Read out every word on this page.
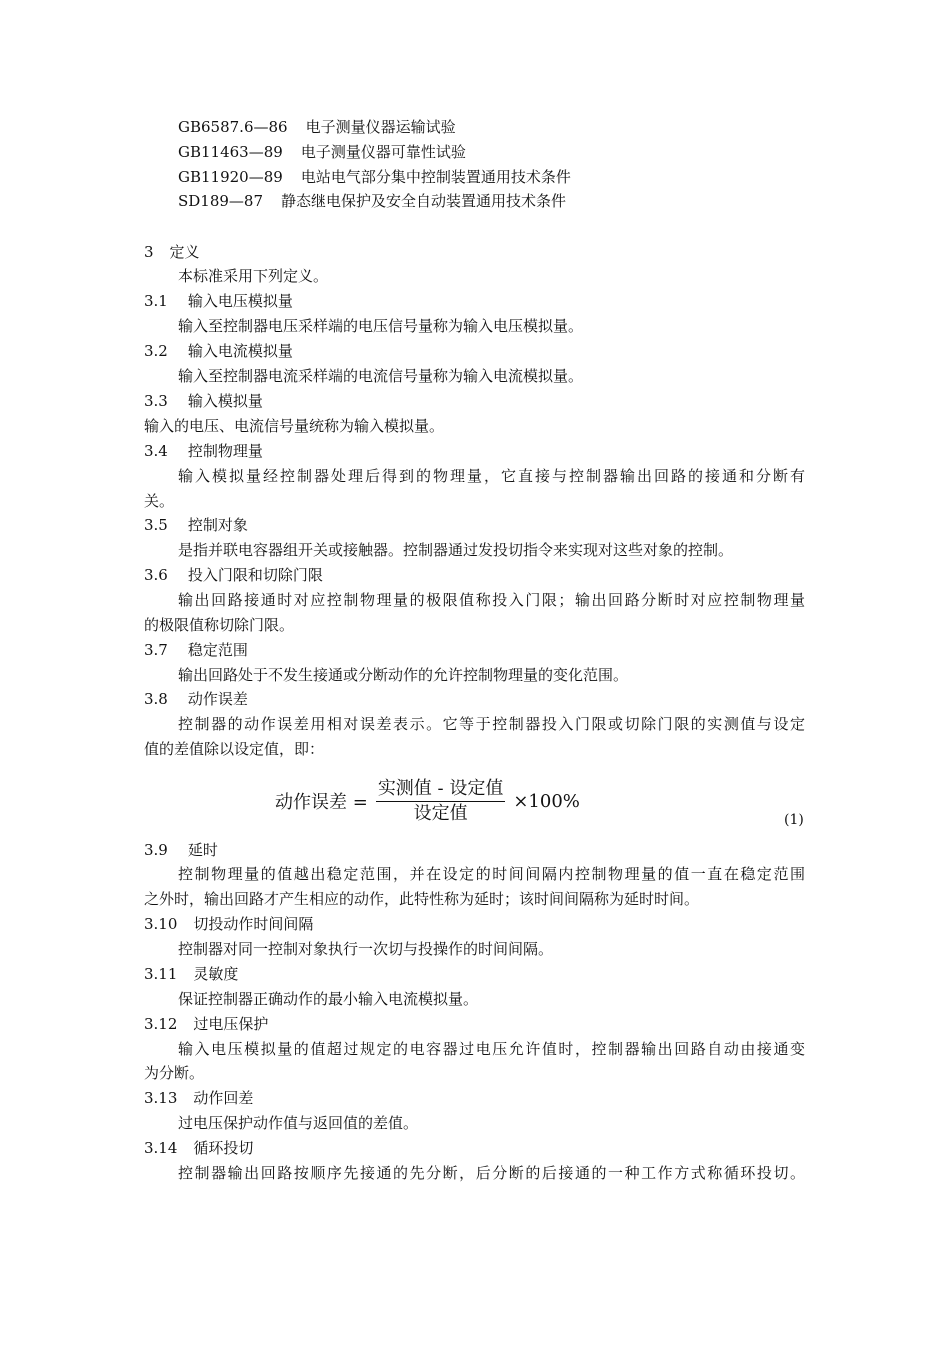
GB6587.6—86 电子测量仪器运输试验
GB11463—89 电子测量仪器可靠性试验
GB11920—89 电站电气部分集中控制装置通用技术条件
SD189—87 静态继电保护及安全自动装置通用技术条件
3 定义
本标准采用下列定义。
3.1 输入电压模拟量
输入至控制器电压采样端的电压信号量称为输入电压模拟量。
3.2 输入电流模拟量
输入至控制器电流采样端的电流信号量称为输入电流模拟量。
3.3 输入模拟量
输入的电压、电流信号量统称为输入模拟量。
3.4 控制物理量
输入模拟量经控制器处理后得到的物理量，它直接与控制器输出回路的接通和分断有
关。
3.5 控制对象
是指并联电容器组开关或接触器。控制器通过发投切指令来实现对这些对象的控制。
3.6 投入门限和切除门限
输出回路接通时对应控制物理量的极限值称投入门限；输出回路分断时对应控制物理量
的极限值称切除门限。
3.7 稳定范围
输出回路处于不发生接通或分断动作的允许控制物理量的变化范围。
3.8 动作误差
控制器的动作误差用相对误差表示。它等于控制器投入门限或切除门限的实测值与设定
值的差值除以设定值，即：
动作误差 = $\frac{\text{实测值 - 设定值}}{\text{设定值}} \times 100\%$
(1)
3.9 延时
控制物理量的值越出稳定范围，并在设定的时间间隔内控制物理量的值一直在稳定范围
之外时，输出回路才产生相应的动作，此特性称为延时；该时间间隔称为延时时间。
3.10 切投动作时间间隔
控制器对同一控制对象执行一次切与投操作的时间间隔。
3.11 灵敏度
保证控制器正确动作的最小输入电流模拟量。
3.12 过电压保护
输入电压模拟量的值超过规定的电容器过电压允许值时，控制器输出回路自动由接通变
为分断。
3.13 动作回差
过电压保护动作值与返回值的差值。
3.14 循环投切
控制器输出回路按顺序先接通的先分断，后分断的后接通的一种工作方式称循环投切。
